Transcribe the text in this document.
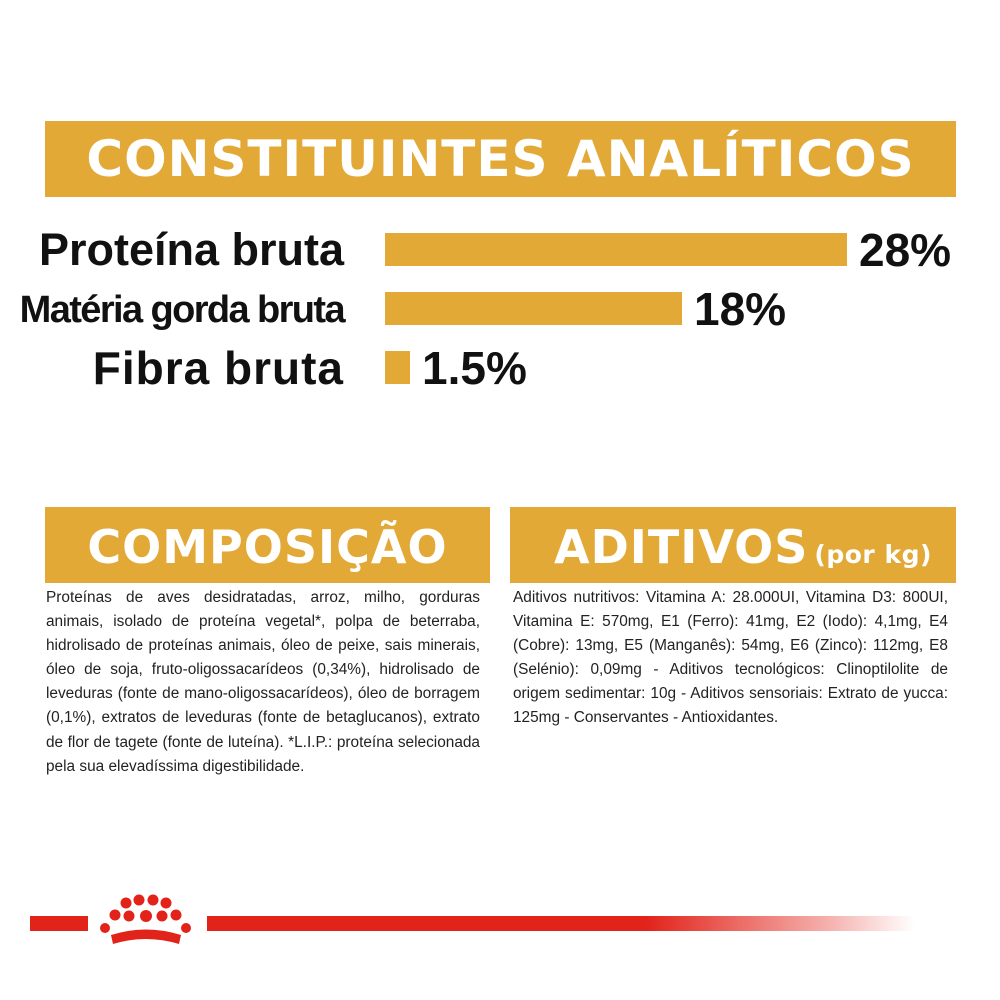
CONSTITUINTES ANALÍTICOS
Proteína bruta	28%
Matéria gorda bruta	18%
Fibra bruta 1.5%
COMPOSIÇÃO

Proteínas de aves desidratadas, arroz, milho, gorduras animais, isolado de proteína vegetal*, polpa de beterraba, hidrolisado de proteínas animais, óleo de peixe, sais minerais, óleo de soja, fruto-oligossacarídeos (0,34%), hidrolisado de leveduras (fonte de mano-oligossacarídeos), óleo de borragem (0,1%), extratos de leveduras (fonte de betaglucanos), extrato de flor de tagete (fonte de luteína). *L.I.P.: proteína selecionada pela sua elevadíssima digestibilidade.

ADITIVOS (por kg)

Aditivos nutritivos: Vitamina A: 28.000UI, Vitamina D3: 800UI, Vitamina E: 570mg, E1 (Ferro): 41mg, E2 (Iodo): 4,1mg, E4 (Cobre): 13mg, E5 (Manganês): 54mg, E6 (Zinco): 112mg, E8 (Selénio): 0,09mg - Aditivos tecnológicos: Clinoptilolite de origem sedimentar: 10g - Aditivos sensoriais: Extrato de yucca: 125mg - Conservantes - Antioxidantes.
